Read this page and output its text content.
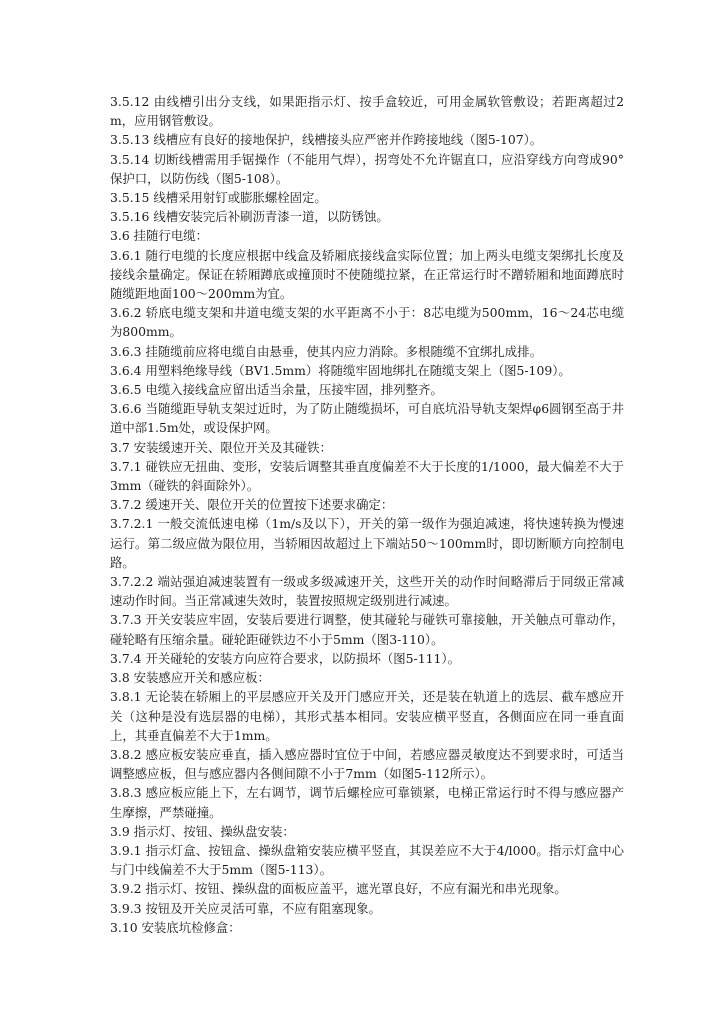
3.5.12 由线槽引出分支线，如果距指示灯、按手盒较近，可用金属软管敷设；若距离超过2m，应用钢管敷设。

3.5.13 线槽应有良好的接地保护，线槽接头应严密并作跨接地线（图5-107）。

3.5.14 切断线槽需用手锯操作（不能用气焊），拐弯处不允许锯直口，应沿穿线方向弯成90°保护口，以防伤线（图5-108）。

3.5.15 线槽采用射钉或膨胀螺栓固定。

3.5.16 线槽安装完后补刷沥青漆一道，以防锈蚀。

3.6 挂随行电缆：

3.6.1 随行电缆的长度应根据中线盒及轿厢底接线盒实际位置；加上两头电缆支架绑扎长度及接线余量确定。保证在轿厢蹲底或撞顶时不使随缆拉紧，在正常运行时不蹭轿厢和地面蹲底时随缆距地面100～200mm为宜。

3.6.2 轿底电缆支架和井道电缆支架的水平距离不小于：8芯电缆为500mm，16～24芯电缆为800mm。

3.6.3 挂随缆前应将电缆自由悬垂，使其内应力消除。多根随缆不宜绑扎成排。

3.6.4 用塑料绝缘导线（BV1.5mm）将随缆牢固地绑扎在随缆支架上（图5-109）。

3.6.5 电缆入接线盒应留出适当余量，压接牢固，排列整齐。

3.6.6 当随缆距导轨支架过近时，为了防止随缆损坏，可自底坑沿导轨支架焊φ6圆钢至高于井道中部1.5m处，或设保护网。

3.7 安装缓速开关、限位开关及其碰铁：

3.7.1 碰铁应无扭曲、变形，安装后调整其垂直度偏差不大于长度的1/1000，最大偏差不大于3mm（碰铁的斜面除外）。

3.7.2 缓速开关、限位开关的位置按下述要求确定：

3.7.2.1 一般交流低速电梯（1m/s及以下），开关的第一级作为强迫减速，将快速转换为慢速运行。第二级应做为限位用，当轿厢因故超过上下端站50～100mm时，即切断顺方向控制电路。

3.7.2.2 端站强迫减速装置有一级或多级减速开关，这些开关的动作时间略滞后于同级正常减速动作时间。当正常减速失效时，装置按照规定级别进行减速。

3.7.3 开关安装应牢固，安装后要进行调整，使其碰轮与碰铁可靠接触，开关触点可靠动作，碰轮略有压缩余量。碰轮距碰铁边不小于5mm（图3-110）。

3.7.4 开关碰轮的安装方向应符合要求，以防损坏（图5-111）。

3.8 安装感应开关和感应板：

3.8.1 无论装在轿厢上的平层感应开关及开门感应开关，还是装在轨道上的选层、截车感应开关（这种是没有选层器的电梯），其形式基本相同。安装应横平竖直，各侧面应在同一垂直面上，其垂直偏差不大于1mm。

3.8.2 感应板安装应垂直，插入感应器时宜位于中间，若感应器灵敏度达不到要求时，可适当调整感应板，但与感应器内各侧间隙不小于7mm（如图5-112所示）。

3.8.3 感应板应能上下，左右调节，调节后螺栓应可靠锁紧，电梯正常运行时不得与感应器产生摩擦，严禁碰撞。

3.9 指示灯、按钮、操纵盘安装：

3.9.1 指示灯盒、按钮盒、操纵盘箱安装应横平竖直，其误差应不大于4/l000。指示灯盒中心与门中线偏差不大于5mm（图5-113）。

3.9.2 指示灯、按钮、操纵盘的面板应盖平，遮光罩良好，不应有漏光和串光现象。

3.9.3 按钮及开关应灵活可靠，不应有阻塞现象。

3.10 安装底坑检修盒：
